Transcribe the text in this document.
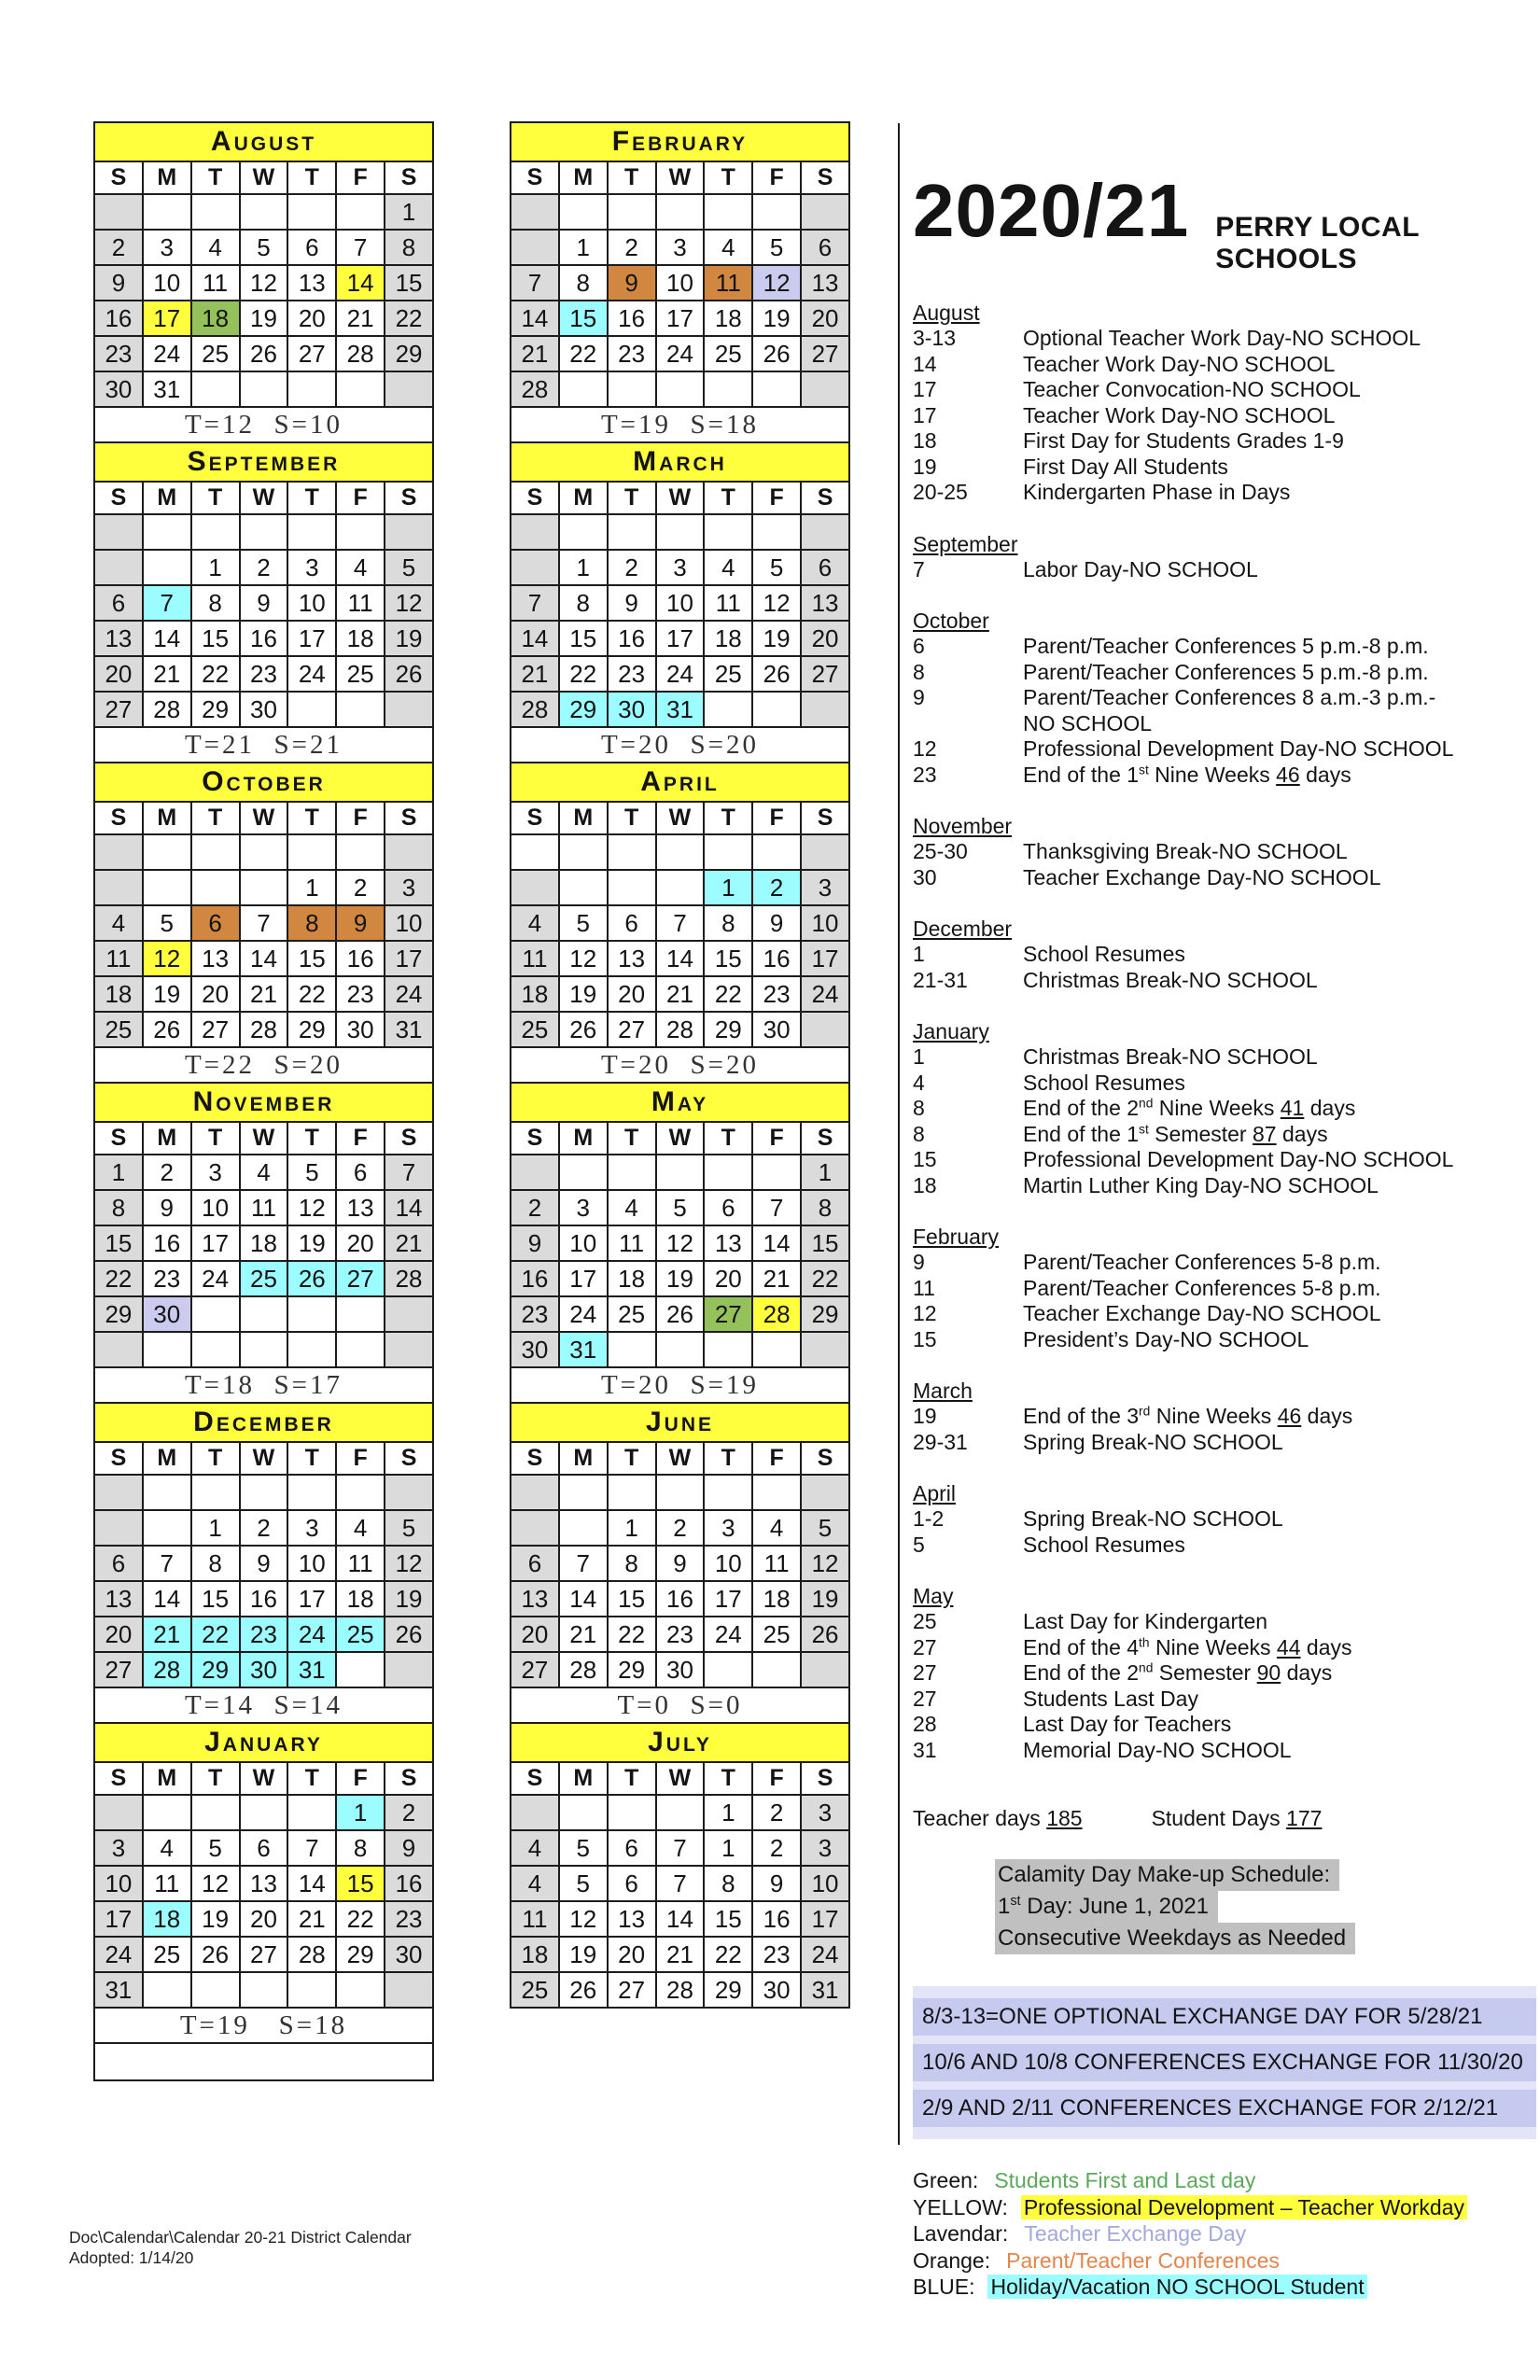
August						
S	M	T	W	T	F	S
						1
2	3	4	5	6	7	8
9	10	11	12	13	14	15
16	17	18	19	20	21	22
23	24	25	26	27	28	29
30	31					
T=12  S=10						
September						
S	M	T	W	T	F	S

		1	2	3	4	5
6	7	8	9	10	11	12
13	14	15	16	17	18	19
20	21	22	23	24	25	26
27	28	29	30			
T=21  S=21						
October						
S	M	T	W	T	F	S

				1	2	3
4	5	6	7	8	9	10
11	12	13	14	15	16	17
18	19	20	21	22	23	24
25	26	27	28	29	30	31
T=22  S=20						
November						
S	M	T	W	T	F	S
1	2	3	4	5	6	7
8	9	10	11	12	13	14
15	16	17	18	19	20	21
22	23	24	25	26	27	28
29	30					

T=18  S=17						
December						
S	M	T	W	T	F	S

		1	2	3	4	5
6	7	8	9	10	11	12
13	14	15	16	17	18	19
20	21	22	23	24	25	26
27	28	29	30	31		
T=14  S=14						
January						
S	M	T	W	T	F	S
					1	2
3	4	5	6	7	8	9
10	11	12	13	14	15	16
17	18	19	20	21	22	23
24	25	26	27	28	29	30
31						
T=19   S=18						

February						
S	M	T	W	T	F	S

	1	2	3	4	5	6
7	8	9	10	11	12	13
14	15	16	17	18	19	20
21	22	23	24	25	26	27
28						
T=19  S=18						
March						
S	M	T	W	T	F	S

	1	2	3	4	5	6
7	8	9	10	11	12	13
14	15	16	17	18	19	20
21	22	23	24	25	26	27
28	29	30	31			
T=20  S=20						
April						
S	M	T	W	T	F	S

				1	2	3
4	5	6	7	8	9	10
11	12	13	14	15	16	17
18	19	20	21	22	23	24
25	26	27	28	29	30	
T=20  S=20						
May						
S	M	T	W	T	F	S
						1
2	3	4	5	6	7	8
9	10	11	12	13	14	15
16	17	18	19	20	21	22
23	24	25	26	27	28	29
30	31					
T=20  S=19						
June						
S	M	T	W	T	F	S

		1	2	3	4	5
6	7	8	9	10	11	12
13	14	15	16	17	18	19
20	21	22	23	24	25	26
27	28	29	30			
T=0  S=0						
July						
S	M	T	W	T	F	S
				1	2	3
4	5	6	7	1	2	3
4	5	6	7	8	9	10
11	12	13	14	15	16	17
18	19	20	21	22	23	24
25	26	27	28	29	30	31
2020/21 PERRY LOCAL SCHOOLS
August
3-13	Optional Teacher Work Day-NO SCHOOL
14	Teacher Work Day-NO SCHOOL
17	Teacher Convocation-NO SCHOOL
17	Teacher Work Day-NO SCHOOL
18	First Day for Students Grades 1-9
19	First Day All Students
20-25	Kindergarten Phase in Days
September
7	Labor Day-NO SCHOOL
October
6	Parent/Teacher Conferences 5 p.m.-8 p.m.
8	Parent/Teacher Conferences 5 p.m.-8 p.m.
9	Parent/Teacher Conferences 8 a.m.-3 p.m.-
NO SCHOOL
12	Professional Development Day-NO SCHOOL
23	End of the 1st Nine Weeks 46 days
November
25-30	Thanksgiving Break-NO SCHOOL
30	Teacher Exchange Day-NO SCHOOL
December
1	School Resumes
21-31	Christmas Break-NO SCHOOL
January
1	Christmas Break-NO SCHOOL
4	School Resumes
8	End of the 2nd Nine Weeks 41 days
8	End of the 1st Semester 87 days
15	Professional Development Day-NO SCHOOL
18	Martin Luther King Day-NO SCHOOL
February
9	Parent/Teacher Conferences 5-8 p.m.
11	Parent/Teacher Conferences 5-8 p.m.
12	Teacher Exchange Day-NO SCHOOL
15	President’s Day-NO SCHOOL
March
19	End of the 3rd Nine Weeks 46 days
29-31	Spring Break-NO SCHOOL
April
1-2	Spring Break-NO SCHOOL
5	School Resumes
May
25	Last Day for Kindergarten
27	End of the 4th Nine Weeks 44 days
27	End of the 2nd Semester 90 days
27	Students Last Day
28	Last Day for Teachers
31	Memorial Day-NO SCHOOL
Teacher days 185	Student Days 177
Calamity Day Make-up Schedule:
1st Day: June 1, 2021
Consecutive Weekdays as Needed
8/3-13=ONE OPTIONAL EXCHANGE DAY FOR 5/28/21
10/6 AND 10/8 CONFERENCES EXCHANGE FOR 11/30/20
2/9 AND 2/11 CONFERENCES EXCHANGE FOR 2/12/21
Green: Students First and Last day
YELLOW: Professional Development – Teacher Workday
Lavendar: Teacher Exchange Day
Orange: Parent/Teacher Conferences
BLUE: Holiday/Vacation NO SCHOOL Student
Doc\Calendar\Calendar 20-21 District Calendar
Adopted: 1/14/20
